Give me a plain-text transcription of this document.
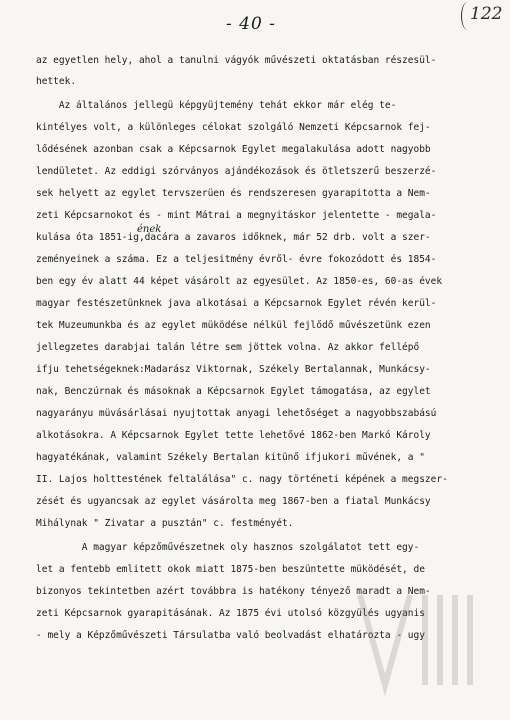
- 40 -	122
az egyetlen hely, ahol a tanulni vágyók művészeti oktatásban részesül-
hettek.
Az általános jellegü képgyüjtemény tehát ekkor már elég te-
kintélyes volt, a különleges célokat szolgáló Nemzeti Képcsarnok fej-
lődésének azonban csak a Képcsarnok Egylet megalakulása adott nagyobb
lendületet. Az eddigi szórványos ajándékozások és ötletszerű beszerzé-
sek helyett az egylet tervszerüen és rendszeresen gyarapitotta a Nem-
zeti Képcsarnokot és - mint Mátrai a megnyitáskor jelentette - megala-
kulása óta 1851-ig,dacára a zavaros időknek, már 52 drb. volt a szer-
zeményeinek a száma. Ez a teljesitmény évről- évre fokozódott és 1854-
ben egy év alatt 44 képet vásárolt az egyesület. Az 1850-es, 60-as évek
magyar festészetünknek java alkotásai a Képcsarnok Egylet révén kerül-
tek Muzeumunkba és az egylet müködése nélkül fejlődő művészetünk ezen
jellegzetes darabjai talán létre sem jöttek volna. Az akkor fellépő
ifju tehetségeknek:Madarász Viktornak, Székely Bertalannak, Munkácsy-
nak, Benczúrnak és másoknak a Képcsarnok Egylet támogatása, az egylet
nagyarányu müvásárlásai nyujtottak anyagi lehetőséget a nagyobbszabású
alkotásokra. A Képcsarnok Egylet tette lehetővé 1862-ben Markó Károly
hagyatékának, valamint Székely Bertalan kitünő ifjukori művének, a "
II. Lajos holttestének feltalálása" c. nagy történeti képének a megszer-
zését és ugyancsak az egylet vásárolta meg 1867-ben a fiatal Munkácsy
Mihálynak " Zivatar a pusztán" c. festményét.
A magyar képzőművészetnek oly hasznos szolgálatot tett egy-
let a fentebb emlitett okok miatt 1875-ben beszüntette müködését, de
bizonyos tekintetben azért továbbra is hatékony tényező maradt a Nem-
zeti Képcsarnok gyarapitásának. Az 1875 évi utolsó közgyülés ugyanis
- mely a Képzőművészeti Társulatba való beolvadást elhatározta - ugy
ének
